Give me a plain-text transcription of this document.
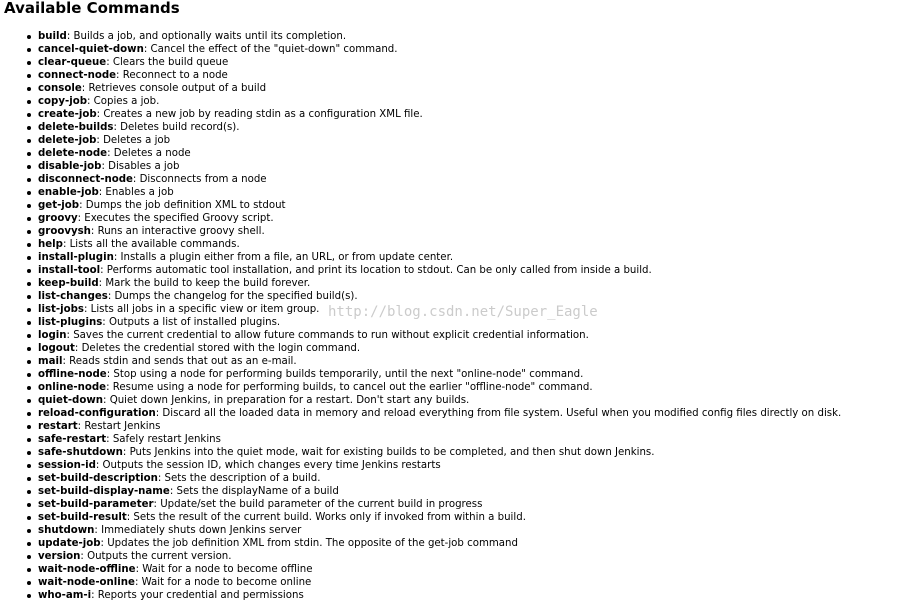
Available Commands
build: Builds a job, and optionally waits until its completion.
cancel-quiet-down: Cancel the effect of the "quiet-down" command.
clear-queue: Clears the build queue
connect-node: Reconnect to a node
console: Retrieves console output of a build
copy-job: Copies a job.
create-job: Creates a new job by reading stdin as a configuration XML file.
delete-builds: Deletes build record(s).
delete-job: Deletes a job
delete-node: Deletes a node
disable-job: Disables a job
disconnect-node: Disconnects from a node
enable-job: Enables a job
get-job: Dumps the job definition XML to stdout
groovy: Executes the specified Groovy script.
groovysh: Runs an interactive groovy shell.
help: Lists all the available commands.
install-plugin: Installs a plugin either from a file, an URL, or from update center.
install-tool: Performs automatic tool installation, and print its location to stdout. Can be only called from inside a build.
keep-build: Mark the build to keep the build forever.
list-changes: Dumps the changelog for the specified build(s).
list-jobs: Lists all jobs in a specific view or item group.
list-plugins: Outputs a list of installed plugins.
login: Saves the current credential to allow future commands to run without explicit credential information.
logout: Deletes the credential stored with the login command.
mail: Reads stdin and sends that out as an e-mail.
offline-node: Stop using a node for performing builds temporarily, until the next "online-node" command.
online-node: Resume using a node for performing builds, to cancel out the earlier "offline-node" command.
quiet-down: Quiet down Jenkins, in preparation for a restart. Don't start any builds.
reload-configuration: Discard all the loaded data in memory and reload everything from file system. Useful when you modified config files directly on disk.
restart: Restart Jenkins
safe-restart: Safely restart Jenkins
safe-shutdown: Puts Jenkins into the quiet mode, wait for existing builds to be completed, and then shut down Jenkins.
session-id: Outputs the session ID, which changes every time Jenkins restarts
set-build-description: Sets the description of a build.
set-build-display-name: Sets the displayName of a build
set-build-parameter: Update/set the build parameter of the current build in progress
set-build-result: Sets the result of the current build. Works only if invoked from within a build.
shutdown: Immediately shuts down Jenkins server
update-job: Updates the job definition XML from stdin. The opposite of the get-job command
version: Outputs the current version.
wait-node-offline: Wait for a node to become offline
wait-node-online: Wait for a node to become online
who-am-i: Reports your credential and permissions
http://blog.csdn.net/Super_Eagle
